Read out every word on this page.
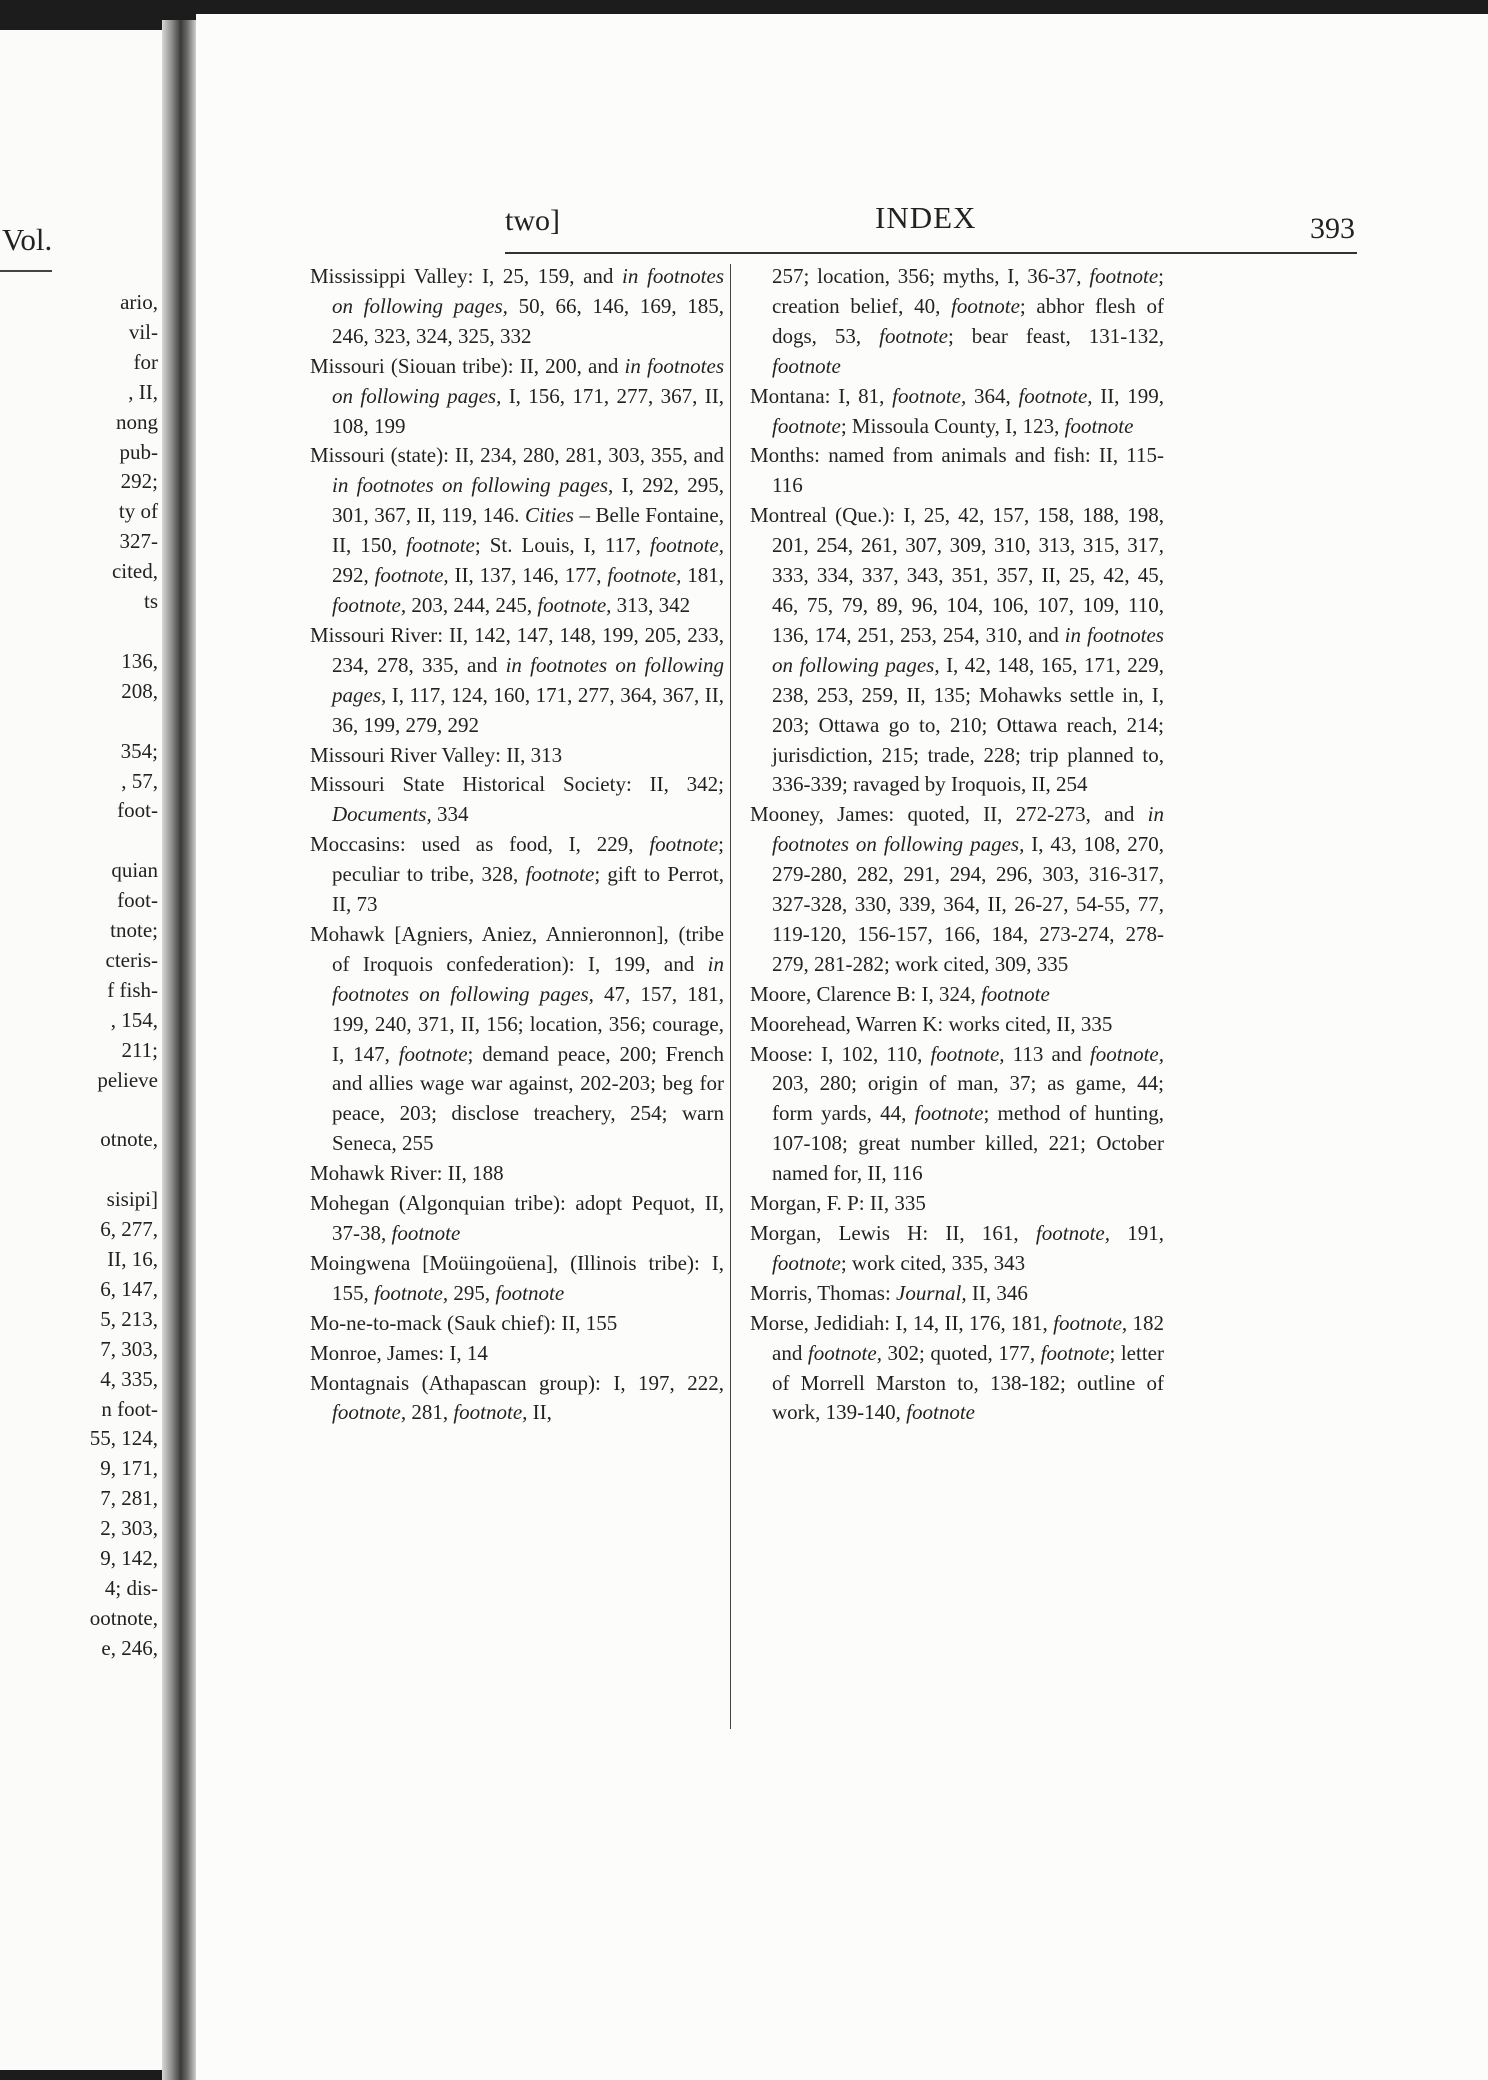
Vol.
ario,
vil-
for
, II,
nong
pub-
292;
ty of
327-
cited,
ts

136,
208,

354;
, 57,
foot-

quian
foot-
tnote;
cteris-
f fish-
, 154,
211;
pelieve

otnote,

sisipi]
6, 277,
II, 16,
6, 147,
5, 213,
7, 303,
4, 335,
n foot-
55, 124,
9, 171,
7, 281,
2, 303,
9, 142,
4; dis-
ootnote,
e, 246,
two]	INDEX	393

Mississippi Valley: I, 25, 159, and in footnotes on following pages, 50, 66, 146, 169, 185, 246, 323, 324, 325, 332

Missouri (Siouan tribe): II, 200, and in footnotes on following pages, I, 156, 171, 277, 367, II, 108, 199

Missouri (state): II, 234, 280, 281, 303, 355, and in footnotes on following pages, I, 292, 295, 301, 367, II, 119, 146. Cities – Belle Fontaine, II, 150, footnote; St. Louis, I, 117, footnote, 292, footnote, II, 137, 146, 177, footnote, 181, footnote, 203, 244, 245, footnote, 313, 342

Missouri River: II, 142, 147, 148, 199, 205, 233, 234, 278, 335, and in footnotes on following pages, I, 117, 124, 160, 171, 277, 364, 367, II, 36, 199, 279, 292

Missouri River Valley: II, 313

Missouri State Historical Society: II, 342; Documents, 334

Moccasins: used as food, I, 229, footnote; peculiar to tribe, 328, footnote; gift to Perrot, II, 73

Mohawk [Agniers, Aniez, Annieronnon], (tribe of Iroquois confederation): I, 199, and in footnotes on following pages, 47, 157, 181, 199, 240, 371, II, 156; location, 356; courage, I, 147, footnote; demand peace, 200; French and allies wage war against, 202-203; beg for peace, 203; disclose treachery, 254; warn Seneca, 255

Mohawk River: II, 188

Mohegan (Algonquian tribe): adopt Pequot, II, 37-38, footnote

Moingwena [Moüingoüena], (Illinois tribe): I, 155, footnote, 295, footnote

Mo-ne-to-mack (Sauk chief): II, 155

Monroe, James: I, 14

Montagnais (Athapascan group): I, 197, 222, footnote, 281, footnote, II,

257; location, 356; myths, I, 36-37, footnote; creation belief, 40, footnote; abhor flesh of dogs, 53, footnote; bear feast, 131-132, footnote

Montana: I, 81, footnote, 364, footnote, II, 199, footnote; Missoula County, I, 123, footnote

Months: named from animals and fish: II, 115-116

Montreal (Que.): I, 25, 42, 157, 158, 188, 198, 201, 254, 261, 307, 309, 310, 313, 315, 317, 333, 334, 337, 343, 351, 357, II, 25, 42, 45, 46, 75, 79, 89, 96, 104, 106, 107, 109, 110, 136, 174, 251, 253, 254, 310, and in footnotes on following pages, I, 42, 148, 165, 171, 229, 238, 253, 259, II, 135; Mohawks settle in, I, 203; Ottawa go to, 210; Ottawa reach, 214; jurisdiction, 215; trade, 228; trip planned to, 336-339; ravaged by Iroquois, II, 254

Mooney, James: quoted, II, 272-273, and in footnotes on following pages, I, 43, 108, 270, 279-280, 282, 291, 294, 296, 303, 316-317, 327-328, 330, 339, 364, II, 26-27, 54-55, 77, 119-120, 156-157, 166, 184, 273-274, 278-279, 281-282; work cited, 309, 335

Moore, Clarence B: I, 324, footnote

Moorehead, Warren K: works cited, II, 335

Moose: I, 102, 110, footnote, 113 and footnote, 203, 280; origin of man, 37; as game, 44; form yards, 44, footnote; method of hunting, 107-108; great number killed, 221; October named for, II, 116

Morgan, F. P: II, 335

Morgan, Lewis H: II, 161, footnote, 191, footnote; work cited, 335, 343

Morris, Thomas: Journal, II, 346

Morse, Jedidiah: I, 14, II, 176, 181, footnote, 182 and footnote, 302; quoted, 177, footnote; letter of Morrell Marston to, 138-182; outline of work, 139-140, footnote
